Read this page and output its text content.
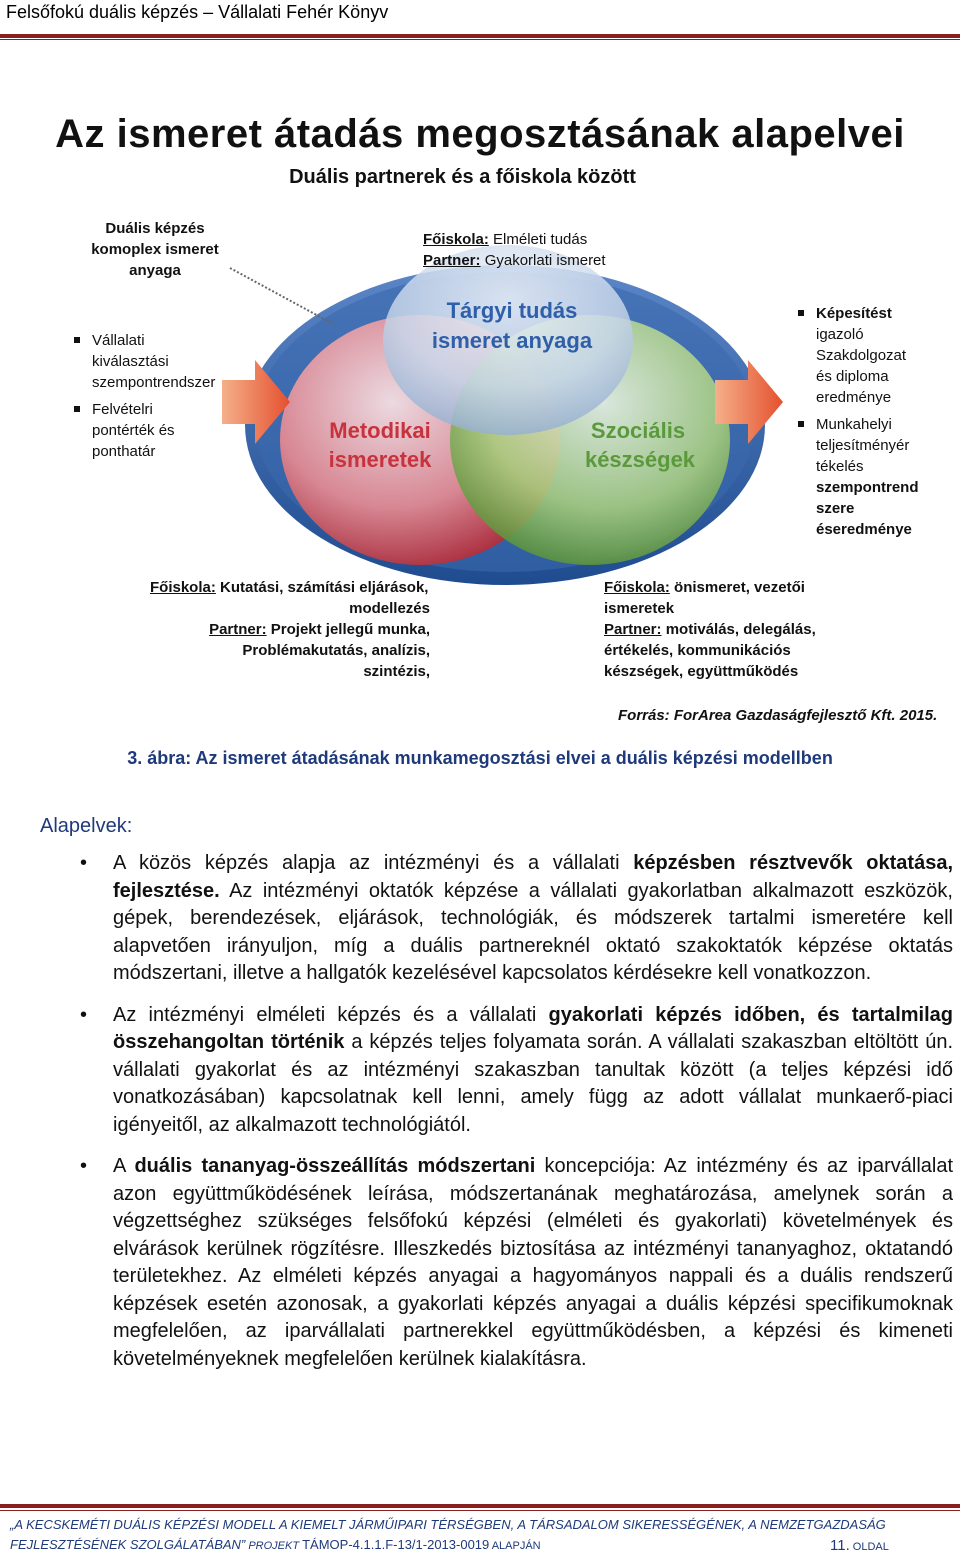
Felsőfokú duális képzés – Vállalati Fehér Könyv
Az ismeret átadás megosztásának alapelvei
Duális partnerek és a főiskola között
Tárgyi tudás
ismeret anyaga
Metodikai
ismeretek
Szociális
készségek
Duális képzés
komoplex ismeret
anyaga
Főiskola: Elméleti tudás
Partner: Gyakorlati ismeret
Vállalati
kiválasztási
szempontrendszer
Felvételri
pontérték és
ponthatár
Képesítést
igazoló
Szakdolgozat
és diploma
eredménye
Munkahelyi
teljesítményér
tékelés
szempontrend
szere
éseredménye
Főiskola: Kutatási, számítási eljárások,
modellezés
Partner: Projekt jellegű munka,
Problémakutatás, analízis,
szintézis,
Főiskola: önismeret, vezetői
ismeretek
Partner: motiválás, delegálás,
értékelés, kommunikációs
készségek, együttműködés
Forrás: ForArea Gazdaságfejlesztő Kft. 2015.
3. ábra: Az ismeret átadásának munkamegosztási elvei a duális képzési modellben
Alapelvek:
• A közös képzés alapja az intézményi és a vállalati képzésben résztvevők oktatása, fejlesztése. Az intézményi oktatók képzése a vállalati gyakorlatban alkalmazott eszközök, gépek, berendezések, eljárások, technológiák, és módszerek tartalmi ismeretére kell alapvetően irányuljon, míg a duális partnereknél oktató szakoktatók képzése oktatás módszertani, illetve a hallgatók kezelésével kapcsolatos kérdésekre kell vonatkozzon.
• Az intézményi elméleti képzés és a vállalati gyakorlati képzés időben, és tartalmilag összehangoltan történik a képzés teljes folyamata során. A vállalati szakaszban eltöltött ún. vállalati gyakorlat és az intézményi szakaszban tanultak között (a teljes képzési idő vonatkozásában) kapcsolatnak kell lenni, amely függ az adott vállalat munkaerő-piaci igényeitől, az alkalmazott technológiától.
• A duális tananyag-összeállítás módszertani koncepciója: Az intézmény és az iparvállalat azon együttműködésének leírása, módszertanának meghatározása, amelynek során a végzettséghez szükséges felsőfokú képzési (elméleti és gyakorlati) követelmények és elvárások kerülnek rögzítésre. Illeszkedés biztosítása az intézményi tananyaghoz, oktatandó területekhez. Az elméleti képzés anyagai a hagyományos nappali és a duális rendszerű képzések esetén azonosak, a gyakorlati képzés anyagai a duális képzési specifikumoknak megfelelően, az iparvállalati partnerekkel együttműködésben, a képzési és kimeneti követelményeknek megfelelően kerülnek kialakításra.
„A KECSKEMÉTI DUÁLIS KÉPZÉSI MODELL A KIEMELT JÁRMŰIPARI TÉRSÉGBEN, A TÁRSADALOM SIKERESSÉGÉNEK, A NEMZETGAZDASÁG
FEJLESZTÉSÉNEK SZOLGÁLATÁBAN” PROJEKT TÁMOP-4.1.1.F-13/1-2013-0019 ALAPJÁN	11. OLDAL
